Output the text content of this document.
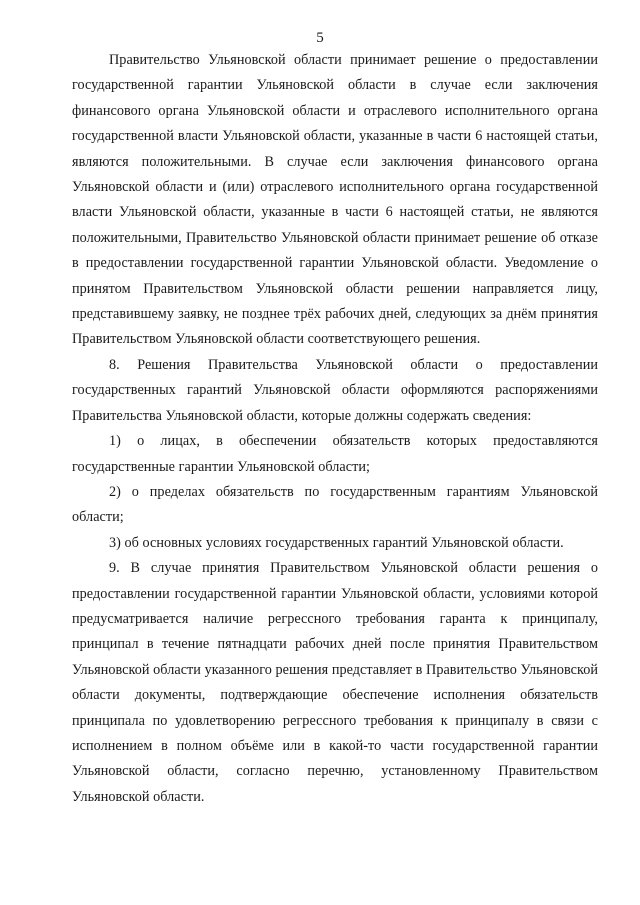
5

Правительство Ульяновской области принимает решение о предоставлении государственной гарантии Ульяновской области в случае если заключения финансового органа Ульяновской области и отраслевого исполнительного органа государственной власти Ульяновской области, указанные в части 6 настоящей статьи, являются положительными. В случае если заключения финансового органа Ульяновской области и (или) отраслевого исполнительного органа государственной власти Ульяновской области, указанные в части 6 настоящей статьи, не являются положительными, Правительство Ульяновской области принимает решение об отказе в предоставлении государственной гарантии Ульяновской области. Уведомление о принятом Правительством Ульяновской области решении направляется лицу, представившему заявку, не позднее трёх рабочих дней, следующих за днём принятия Правительством Ульяновской области соответствующего решения.

8. Решения Правительства Ульяновской области о предоставлении государственных гарантий Ульяновской области оформляются распоряжениями Правительства Ульяновской области, которые должны содержать сведения:

1) о лицах, в обеспечении обязательств которых предоставляются государственные гарантии Ульяновской области;

2) о пределах обязательств по государственным гарантиям Ульяновской области;

3) об основных условиях государственных гарантий Ульяновской области.

9. В случае принятия Правительством Ульяновской области решения о предоставлении государственной гарантии Ульяновской области, условиями которой предусматривается наличие регрессного требования гаранта к принципалу, принципал в течение пятнадцати рабочих дней после принятия Правительством Ульяновской области указанного решения представляет в Правительство Ульяновской области документы, подтверждающие обеспечение исполнения обязательств принципала по удовлетворению регрессного требования к принципалу в связи с исполнением в полном объёме или в какой-то части государственной гарантии Ульяновской области, согласно перечню, установленному Правительством Ульяновской области.
